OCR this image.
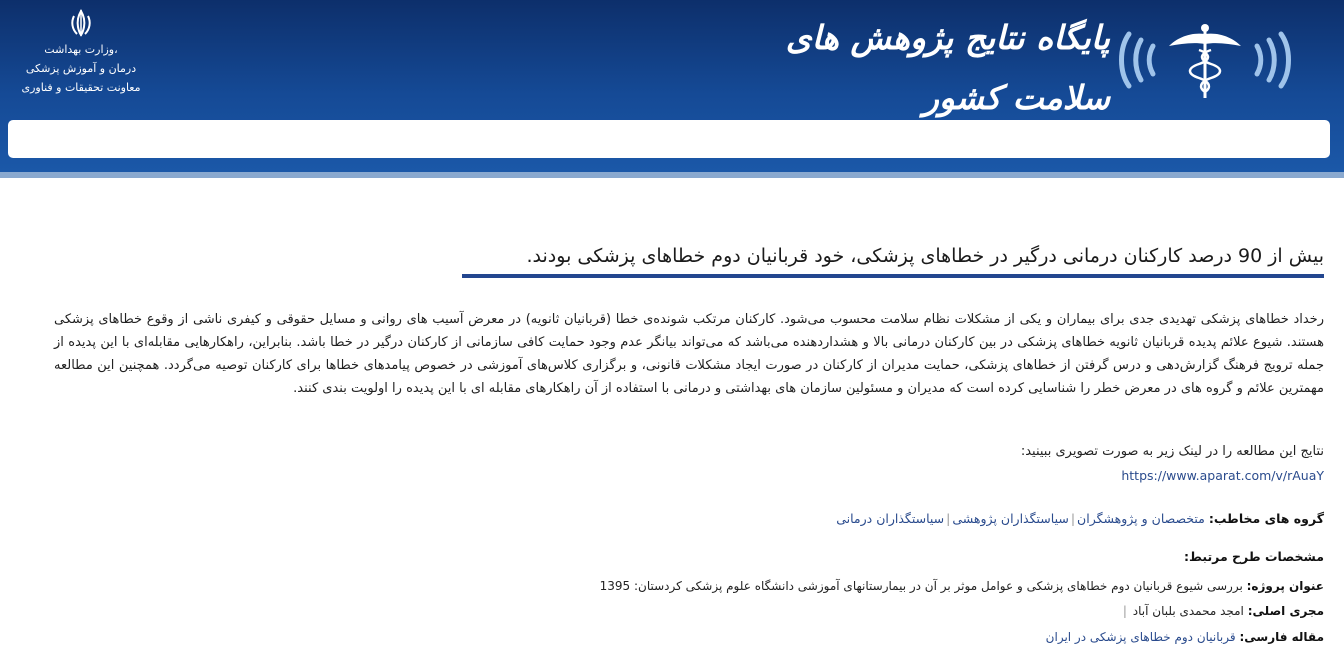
وزارت بهداشت،
درمان و آموزش پزشکی
معاونت تحقیقات و فناوری
پایگاه نتایج پژوهش های سلامت کشور
بیش از 90 درصد کارکنان درمانی درگیر در خطاهای پزشکی، خود قربانیان دوم خطاهای پزشکی بودند.
رخداد خطاهای پزشکی تهدیدی جدی برای بیماران و یکی از مشکلات نظام سلامت محسوب می‌شود. کارکنان مرتکب شونده‌ی خطا (قربانیان ثانویه) در معرض آسیب های روانی و مسایل حقوقی و کیفری ناشی از وقوع خطاهای پزشکی هستند. شیوع علائم پدیده قربانیان ثانویه خطاهای پزشکی در بین کارکنان درمانی بالا و هشداردهنده می‌باشد که می‌تواند بیانگر عدم وجود حمایت کافی سازمانی از کارکنان درگیر در خطا باشد. بنابراین، راهکارهایی مقابله‌ای با این پدیده از جمله ترویج فرهنگ گزارش‌دهی و درس گرفتن از خطاهای پزشکی، حمایت مدیران از کارکنان در صورت ایجاد مشکلات قانونی، و برگزاری کلاس‌های آموزشی در خصوص پیامدهای خطاها برای کارکنان توصیه می‌گردد. همچنین این مطالعه مهمترین علائم و گروه های در معرض خطر را شناسایی کرده است که مدیران و مسئولین سازمان های بهداشتی و درمانی با استفاده از آن راهکارهای مقابله ای با این پدیده را اولویت بندی کنند.
نتایج این مطالعه را در لینک زیر به صورت تصویری ببینید:
https://www.aparat.com/v/rAuaY
گروه های مخاطب: متخصصان و پژوهشگران|سیاستگذاران پژوهشی|سیاستگذاران درمانی
مشخصات طرح مرتبط:
عنوان پروژه: بررسی شیوع قربانیان دوم خطاهای پزشکی و عوامل موثر بر آن در بیمارستانهای آموزشی دانشگاه علوم پزشکی کردستان: 1395
مجری اصلی: امجد محمدی بلبان آباد |
مقاله فارسی: قربانیان دوم خطاهای پزشکی در ایران
